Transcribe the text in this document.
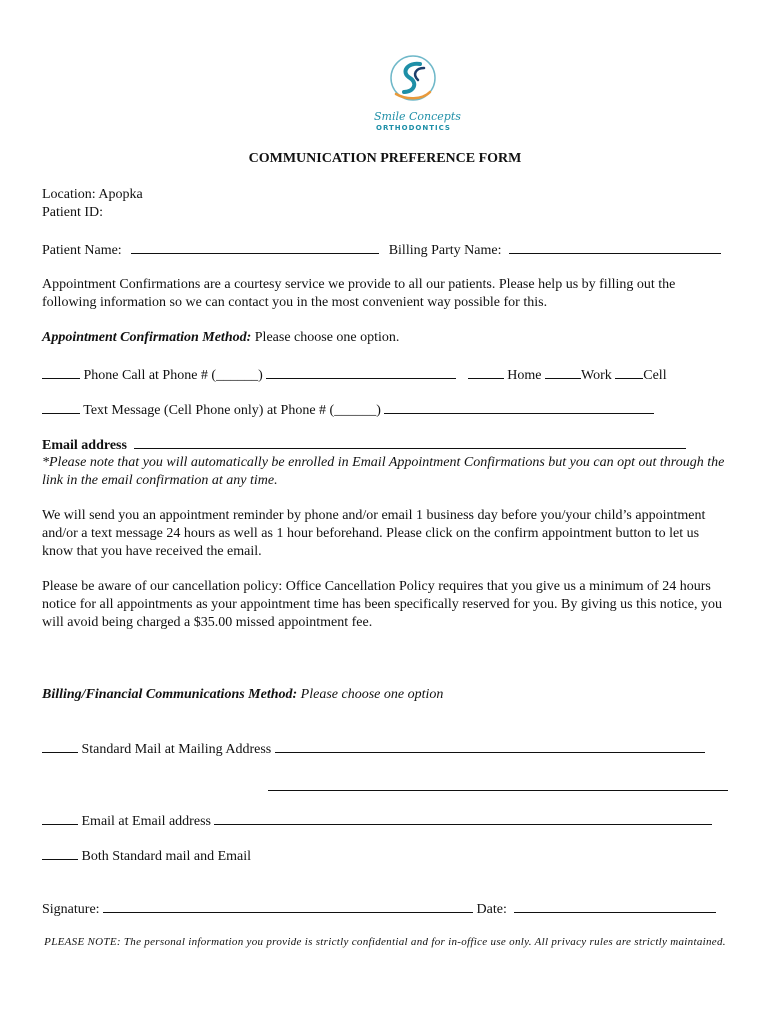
Smile Concepts
ORTHODONTICS
COMMUNICATION PREFERENCE FORM
Location: Apopka
Patient ID:
Patient Name:	Billing Party Name:
Appointment Confirmations are a courtesy service we provide to all our patients. Please help us by filling out the following information so we can contact you in the most convenient way possible for this.
Appointment Confirmation Method: Please choose one option.
Phone Call at Phone # (______)	Home	Work Cell
Text Message (Cell Phone only) at Phone # (______)
Email address
*Please note that you will automatically be enrolled in Email Appointment Confirmations but you can opt out through the link in the email confirmation at any time.
We will send you an appointment reminder by phone and/or email 1 business day before you/your child’s appointment and/or a text message 24 hours as well as 1 hour beforehand. Please click on the confirm appointment button to let us know that you have received the email.
Please be aware of our cancellation policy: Office Cancellation Policy requires that you give us a minimum of 24 hours notice for all appointments as your appointment time has been specifically reserved for you. By giving us this notice, you will avoid being charged a $35.00 missed appointment fee.
Billing/Financial Communications Method: Please choose one option
Standard Mail at Mailing Address
Email at Email address
Both Standard mail and Email
Signature:	Date:
PLEASE NOTE: The personal information you provide is strictly confidential and for in-office use only. All privacy rules are strictly maintained.
